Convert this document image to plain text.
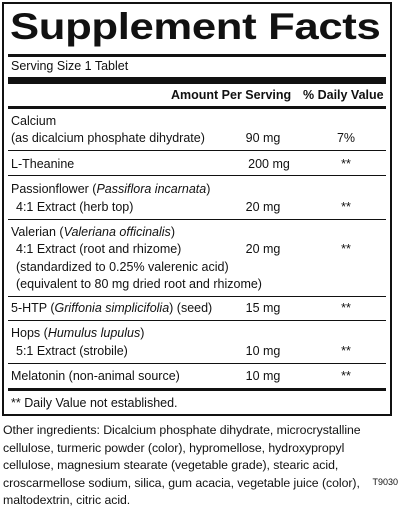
Supplement Facts
Serving Size 1 Tablet
Amount Per Serving % Daily Value
Calcium
(as dicalcium phosphate dihydrate)	90 mg	7%
L-Theanine	200 mg	**
Passionflower (Passiflora incarnata)
4:1 Extract (herb top)	20 mg	**
Valerian (Valeriana officinalis)
4:1 Extract (root and rhizome)	20 mg	**
(standardized to 0.25% valerenic acid)
(equivalent to 80 mg dried root and rhizome)
5-HTP (Griffonia simplicifolia) (seed)	15 mg	**
Hops (Humulus lupulus)
5:1 Extract (strobile)	10 mg	**
Melatonin (non-animal source)	10 mg	**
** Daily Value not established.

Other ingredients: Dicalcium phosphate dihydrate, microcrystalline cellulose, turmeric powder (color), hypromellose, hydroxypropyl cellulose, magnesium stearate (vegetable grade), stearic acid, croscarmellose sodium, silica, gum acacia, vegetable juice (color), maltodextrin, citric acid.

T9030
